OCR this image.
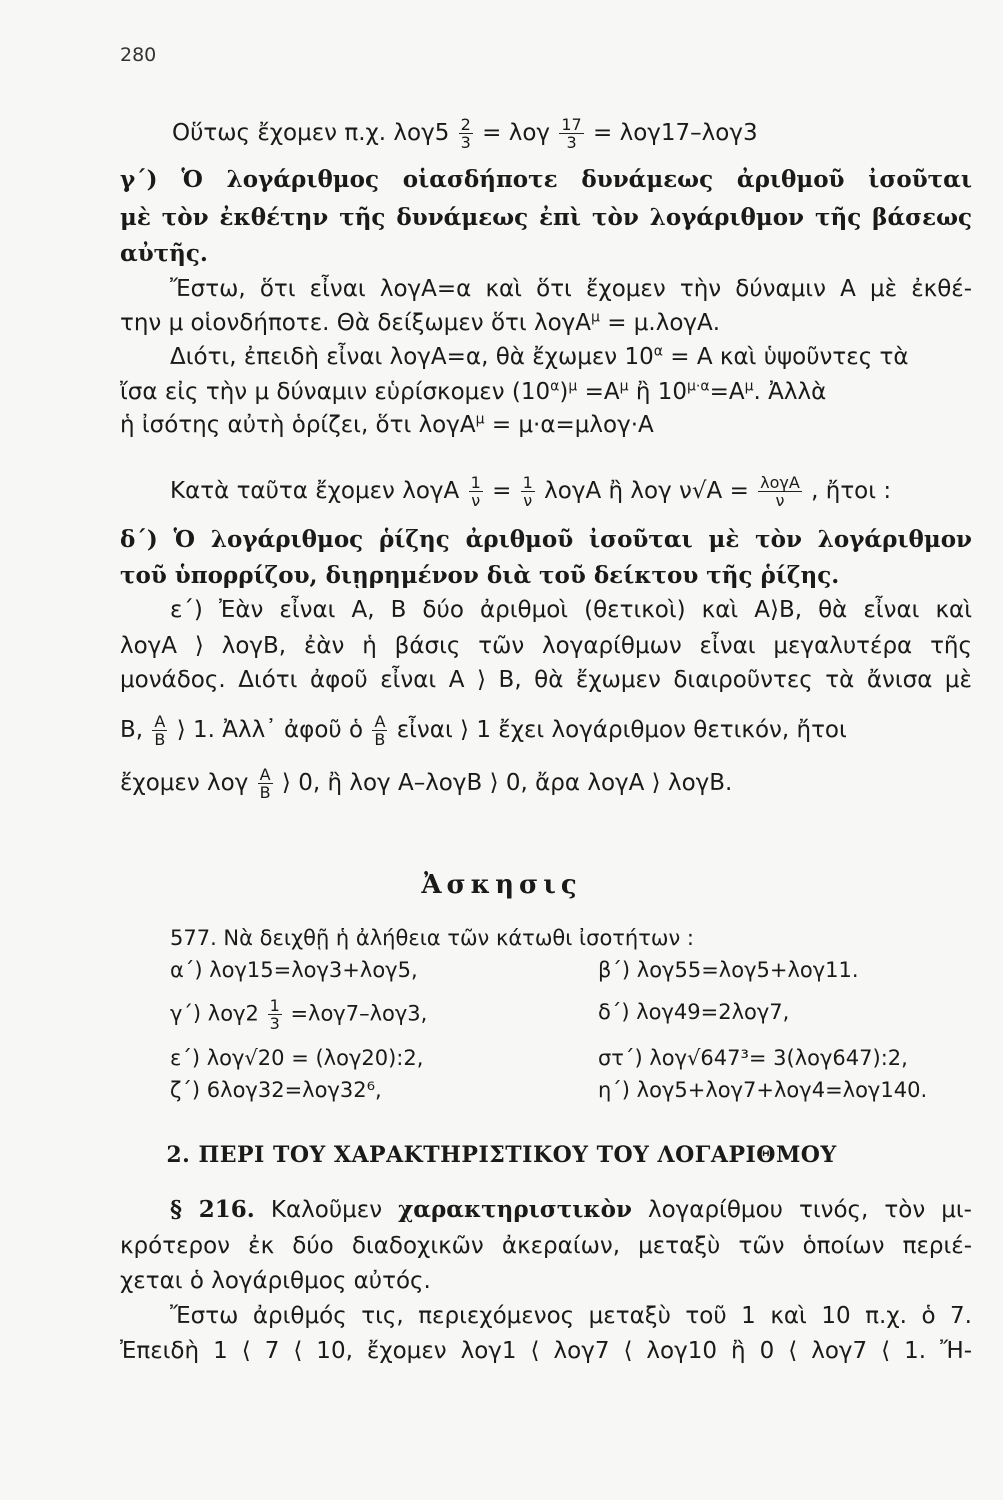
280
Οὕτως ἔχομεν π.χ. $\lambda o\gamma 5 \frac{2}{3} = \lambda o\gamma \frac{17}{3} = \lambda o\gamma 17-\lambda o\gamma 3$
γ΄) Ὁ λογάριθμος οἱασδήποτε δυνάμεως ἀριθμοῦ ἰσοῦται
μὲ τὸν ἐκθέτην τῆς δυνάμεως ἐπὶ τὸν λογάριθμον τῆς βάσεως
αὐτῆς.
Ἔστω, ὅτι εἶναι λογΑ=α καὶ ὅτι ἔχομεν τὴν δύναμιν Α μὲ ἐκθέ-
την μ οἱονδήποτε. Θὰ δείξωμεν ὅτι λογΑ$^\mu$ = μ.λογΑ.
Διότι, ἐπειδὴ εἶναι λογΑ=α, θὰ ἔχωμεν $10^\alpha = A$ καὶ ὑψοῦντες τὰ
ἴσα εἰς τὴν μ δύναμιν εὑρίσκομεν $(10^\alpha)^\mu =A^\mu$ ἢ $10^{\mu\cdot\alpha}=A^\mu$. Ἀλλὰ
ἡ ἰσότης αὐτὴ ὁρίζει, ὅτι λογΑ$^\mu$ = μ·α=μλογ·Α
Κατὰ ταῦτα ἔχομεν λογΑ $\frac{1}{\nu} = \frac{1}{\nu}$ λογΑ ἢ λογ $\nu√A = \frac{\text{λογΑ}}{\nu}$ , ἤτοι :
δ΄) Ὁ λογάριθμος ῥίζης ἀριθμοῦ ἰσοῦται μὲ τὸν λογάριθμον
τοῦ ὑπορρίζου, διῃρημένον διὰ τοῦ δείκτου τῆς ῥίζης.
ε΄) Ἐὰν εἶναι Α, Β δύο ἀριθμοὶ (θετικοὶ) καὶ Α⟩Β, θὰ εἶναι καὶ
λογΑ ⟩ λογΒ, ἐὰν ἡ βάσις τῶν λογαρίθμων εἶναι μεγαλυτέρα τῆς
μονάδος. Διότι ἀφοῦ εἶναι Α ⟩ Β, θὰ ἔχωμεν διαιροῦντες τὰ ἄνισα μὲ
Β, $\frac{A}{B}$ ⟩ 1. Ἀλλ᾽ ἀφοῦ ὁ $\frac{A}{B}$ εἶναι ⟩ 1 ἔχει λογάριθμον θετικόν, ἤτοι
ἔχομεν λογ $\frac{A}{B}$ ⟩ 0, ἢ λογ Α–λογΒ ⟩ 0, ἄρα λογΑ ⟩ λογΒ.
Ἀσκησις
577. Νὰ δειχθῇ ἡ ἀλήθεια τῶν κάτωθι ἰσοτήτων :
α΄) λογ15=λογ3+λογ5,	β΄) λογ55=λογ5+λογ11.
γ΄) $\lambda o\gamma 2 \frac{1}{3} =\lambda o\gamma 7-\lambda o\gamma 3$,	δ΄) λογ49=2λογ7,
ε΄) λογ√20 = (λογ20):2,	στ΄) λογ√647³= 3(λογ647):2,
ζ΄) 6λογ32=λογ32⁶,	η΄) λογ5+λογ7+λογ4=λογ140.
2. ΠΕΡΙ ΤΟΥ ΧΑΡΑΚΤΗΡΙΣΤΙΚΟΥ ΤΟΥ ΛΟΓΑΡΙΘΜΟΥ
§ 216. Καλοῦμεν χαρακτηριστικὸν λογαρίθμου τινός, τὸν μι-
κρότερον ἐκ δύο διαδοχικῶν ἀκεραίων, μεταξὺ τῶν ὁποίων περιέ-
χεται ὁ λογάριθμος αὐτός.
Ἔστω ἀριθμός τις, περιεχόμενος μεταξὺ τοῦ 1 καὶ 10 π.χ. ὁ 7.
Ἐπειδὴ 1 ⟨ 7 ⟨ 10, ἔχομεν λογ1 ⟨ λογ7 ⟨ λογ10 ἢ 0 ⟨ λογ7 ⟨ 1. Ἤ-
